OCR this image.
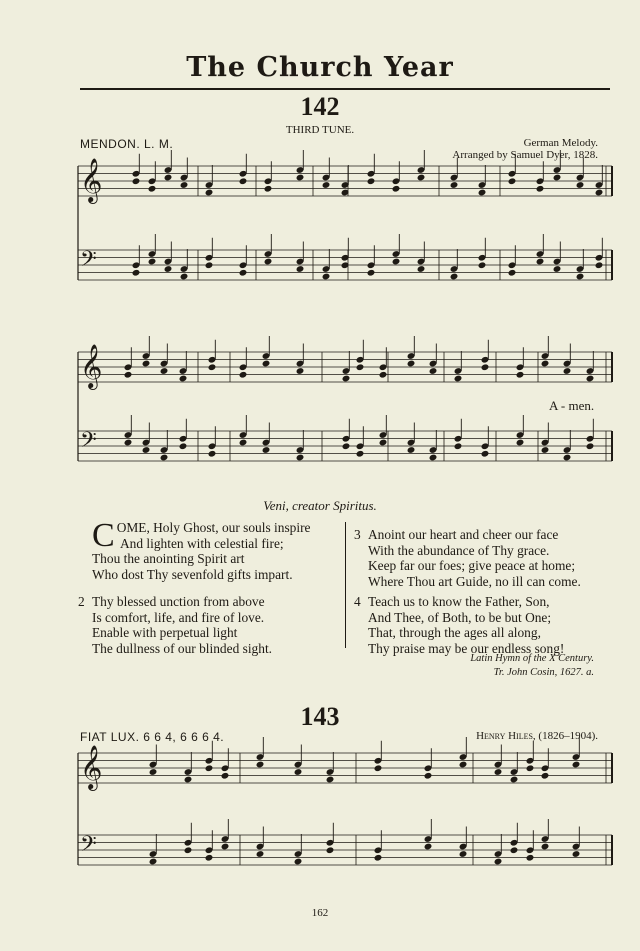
The Church Year
142
THIRD TUNE.
MENDON. L. M.	German Melody.
Arranged by Samuel Dyer, 1828.
𝄞
𝄢
𝄞
𝄢
𝄞
𝄢
A - men.
Veni, creator Spiritus.
C OME, Holy Ghost, our souls inspire
And lighten with celestial fire;
Thou the anointing Spirit art
Who dost Thy sevenfold gifts impart.
2 Thy blessed unction from above
Is comfort, life, and fire of love.
Enable with perpetual light
The dullness of our blinded sight.
3 Anoint our heart and cheer our face
With the abundance of Thy grace.
Keep far our foes; give peace at home;
Where Thou art Guide, no ill can come.
4 Teach us to know the Father, Son,
And Thee, of Both, to be but One;
That, through the ages all along,
Thy praise may be our endless song!
Latin Hymn of the X Century.
Tr. John Cosin, 1627. a.
143
FIAT LUX. 6 6 4, 6 6 6 4.	Henry Hiles, (1826–1904).
162
